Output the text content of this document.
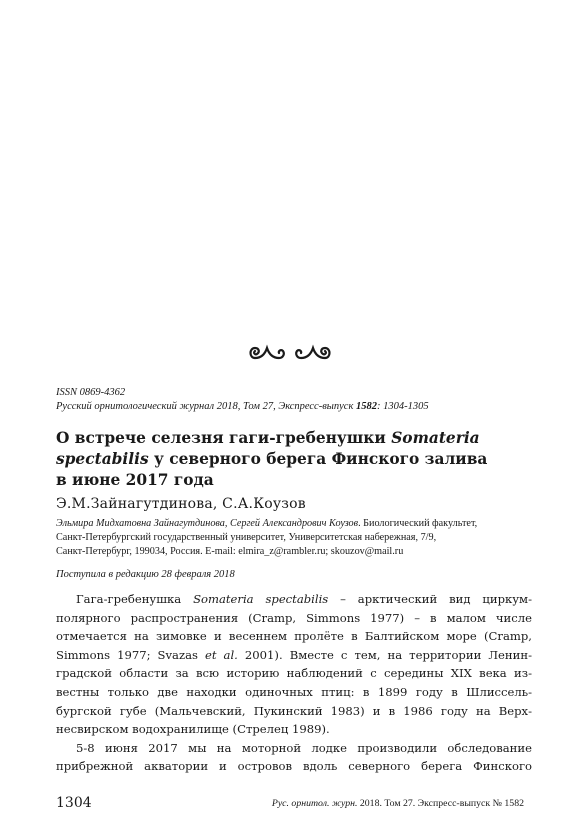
ISSN 0869-4362
Русский орнитологический журнал 2018, Том 27, Экспресс-выпуск 1582: 1304-1305
О встрече селезня гаги-гребенушки Somateria
spectabilis у северного берега Финского залива
в июне 2017 года
Э.М.Зайнагутдинова, С.А.Коузов
Эльмира Мидхатовна Зайнагутдинова, Сергей Александрович Коузов. Биологический факультет,
Санкт-Петербургский государственный университет, Университетская набережная, 7/9,
Санкт-Петербург, 199034, Россия. E-mail: elmira_z@rambler.ru; skouzov@mail.ru
Поступила в редакцию 28 февраля 2018
Гага-гребенушка Somateria spectabilis – арктический вид циркум-
полярного распространения (Cramp, Simmons 1977) – в малом числе
отмечается на зимовке и весеннем пролёте в Балтийском море (Cramp,
Simmons 1977; Svazas et al. 2001). Вместе с тем, на территории Ленин-
градской области за всю историю наблюдений с середины XIX века из-
вестны только две находки одиночных птиц: в 1899 году в Шлиссель-
бургской губе (Мальчевский, Пукинский 1983) и в 1986 году на Верх-
несвирском водохранилище (Стрелец 1989).
5-8 июня 2017 мы на моторной лодке производили обследование
прибрежной акватории и островов вдоль северного берега Финского
1304	Рус. орнитол. журн. 2018. Том 27. Экспресс-выпуск № 1582
